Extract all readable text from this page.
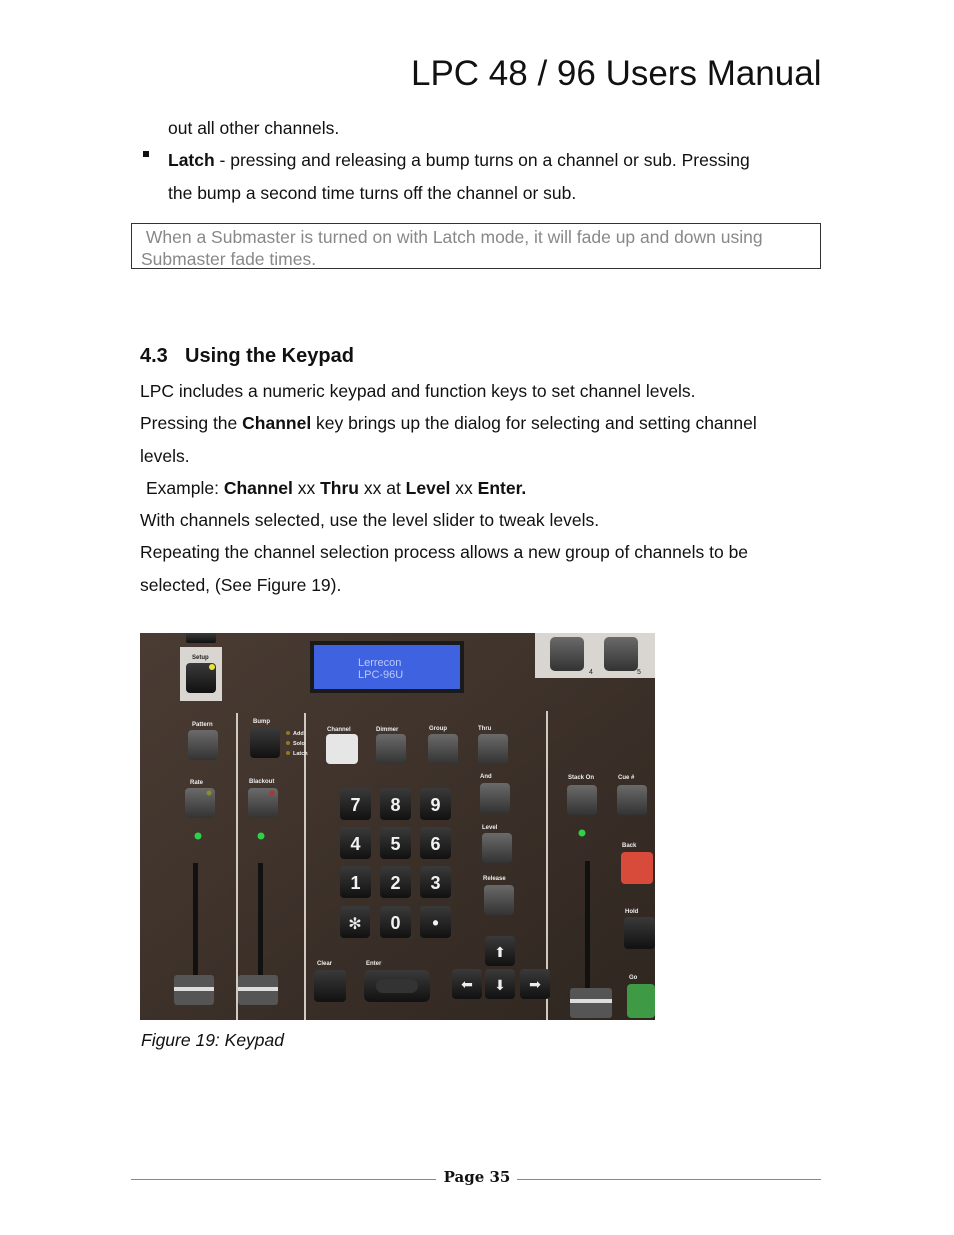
LPC 48 / 96 Users Manual
out all other channels.
Latch - pressing and releasing a bump turns on a channel or sub. Pressing
the bump a second time turns off the channel or sub.
When a Submaster is turned on with Latch mode, it will fade up and down using
Submaster fade times.
4.3 Using the Keypad
LPC includes a numeric keypad and function keys to set channel levels.
Pressing the Channel key brings up the dialog for selecting and setting channel
levels.
Example: Channel xx Thru xx at Level xx Enter.
With channels selected, use the level slider to tweak levels.
Repeating the channel selection process allows a new group of channels to be
selected, (See Figure 19).
4	5
Setup	Lerrecon
LPC-96U
Pattern
Rate
Bump
Add
Solo
Latch
Blackout
Channel	Dimmer	Group	Thru
And
Level
Release
7 8 9
4 5 6
1 2 3
0 •
✻
Clear	Enter
⬆
⬅ ⬇ ➡
Stack On	Cue #
Back
Hold
Go
Figure 19: Keypad
Page 35
